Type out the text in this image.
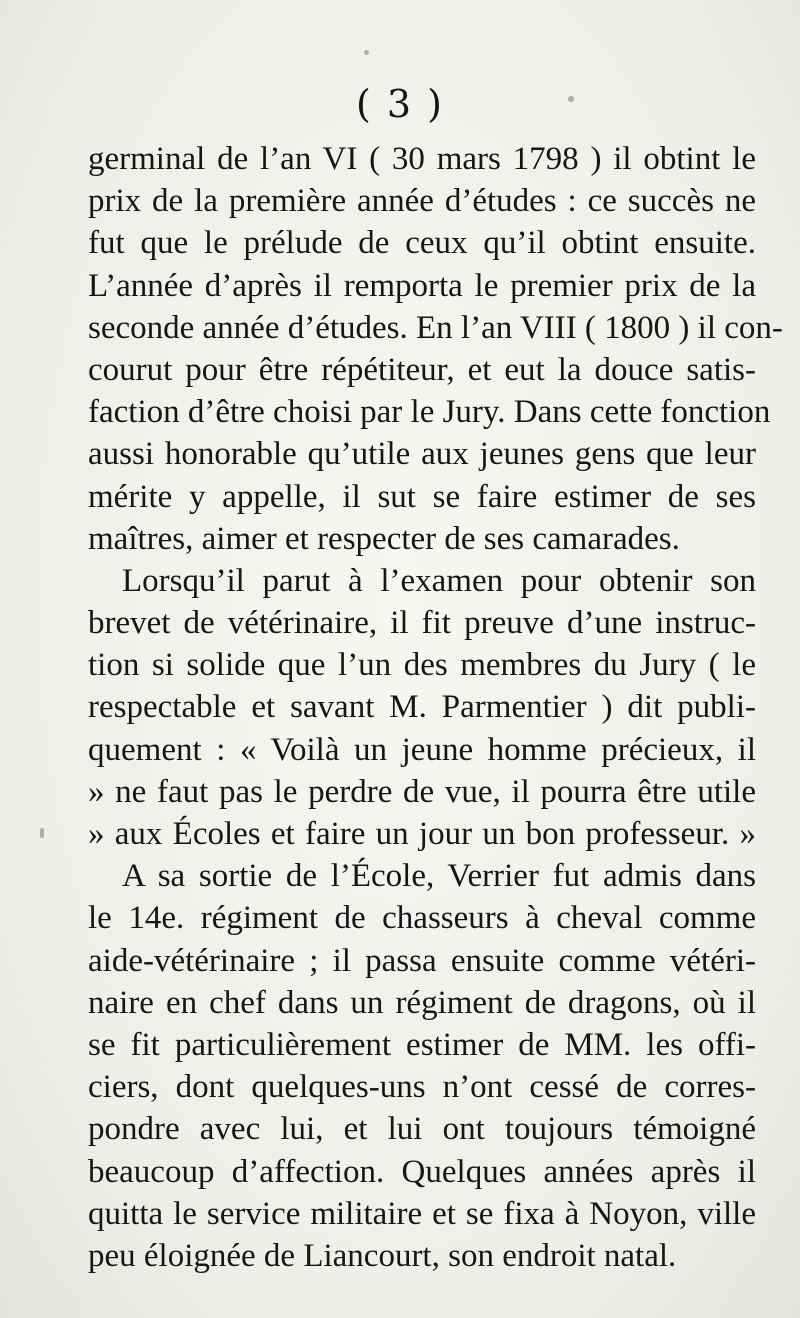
( 3 )
germinal de l’an VI ( 30 mars 1798 ) il obtint le
prix de la première année d’études : ce succès ne
fut que le prélude de ceux qu’il obtint ensuite.
L’année d’après il remporta le premier prix de la
seconde année d’études. En l’an VIII ( 1800 ) il con-
courut pour être répétiteur, et eut la douce satis-
faction d’être choisi par le Jury. Dans cette fonction
aussi honorable qu’utile aux jeunes gens que leur
mérite y appelle, il sut se faire estimer de ses
maîtres, aimer et respecter de ses camarades.
Lorsqu’il parut à l’examen pour obtenir son
brevet de vétérinaire, il fit preuve d’une instruc-
tion si solide que l’un des membres du Jury ( le
respectable et savant M. Parmentier ) dit publi-
quement : « Voilà un jeune homme précieux, il
» ne faut pas le perdre de vue, il pourra être utile
» aux Écoles et faire un jour un bon professeur. »
A sa sortie de l’École, Verrier fut admis dans
le 14e. régiment de chasseurs à cheval comme
aide-vétérinaire ; il passa ensuite comme vétéri-
naire en chef dans un régiment de dragons, où il
se fit particulièrement estimer de MM. les offi-
ciers, dont quelques-uns n’ont cessé de corres-
pondre avec lui, et lui ont toujours témoigné
beaucoup d’affection. Quelques années après il
quitta le service militaire et se fixa à Noyon, ville
peu éloignée de Liancourt, son endroit natal.
